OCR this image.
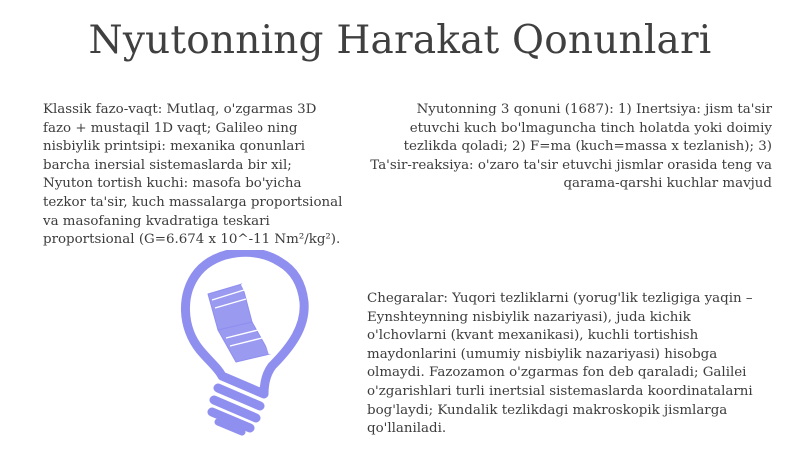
Nyutonning Harakat Qonunlari
Klassik fazo-vaqt: Mutlaq, o'zgarmas 3D fazo + mustaqil 1D vaqt; Galileo ning nisbiylik printsipi: mexanika qonunlari barcha inersial sistemaslarda bir xil; Nyuton tortish kuchi: masofa bo'yicha tezkor ta'sir, kuch massalarga proportsional va masofaning kvadratiga teskari proportsional (G=6.674 x 10^-11 Nm²/kg²).
Nyutonning 3 qonuni (1687): 1) Inertsiya: jism ta'sir etuvchi kuch bo'lmaguncha tinch holatda yoki doimiy tezlikda qoladi; 2) F=ma (kuch=massa x tezlanish); 3) Ta'sir-reaksiya: o'zaro ta'sir etuvchi jismlar orasida teng va qarama-qarshi kuchlar mavjud
Chegaralar: Yuqori tezliklarni (yorug'lik tezligiga yaqin – Eynshteynning nisbiylik nazariyasi), juda kichik o'lchovlarni (kvant mexanikasi), kuchli tortishish maydonlarini (umumiy nisbiylik nazariyasi) hisobga olmaydi. Fazozamon o'zgarmas fon deb qaraladi; Galilei o'zgarishlari turli inertsial sistemaslarda koordinatalarni bog'laydi; Kundalik tezlikdagi makroskopik jismlarga qo'llaniladi.
